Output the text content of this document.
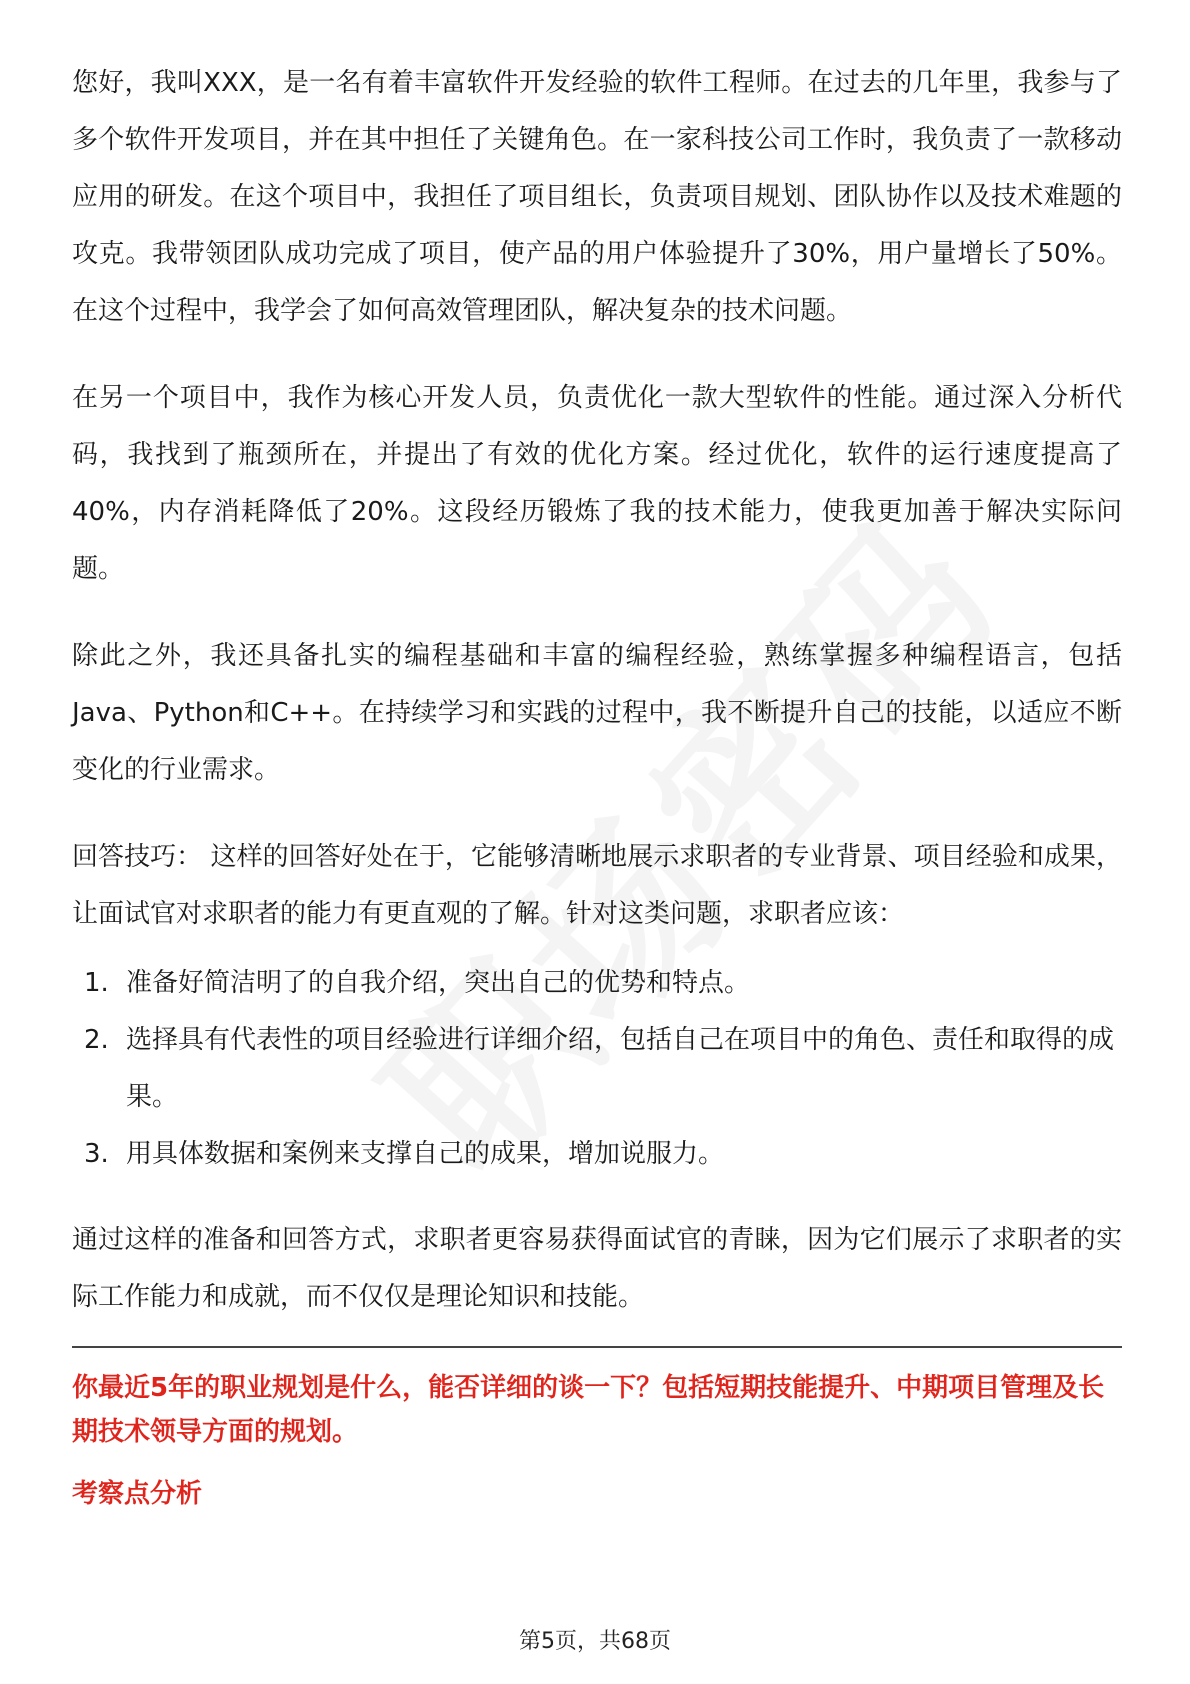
您好，我叫XXX，是一名有着丰富软件开发经验的软件工程师。在过去的几年里，我参与了多个软件开发项目，并在其中担任了关键角色。在一家科技公司工作时，我负责了一款移动应用的研发。在这个项目中，我担任了项目组长，负责项目规划、团队协作以及技术难题的攻克。我带领团队成功完成了项目，使产品的用户体验提升了30%，用户量增长了50%。在这个过程中，我学会了如何高效管理团队，解决复杂的技术问题。

在另一个项目中，我作为核心开发人员，负责优化一款大型软件的性能。通过深入分析代码，我找到了瓶颈所在，并提出了有效的优化方案。经过优化，软件的运行速度提高了40%，内存消耗降低了20%。这段经历锻炼了我的技术能力，使我更加善于解决实际问题。

除此之外，我还具备扎实的编程基础和丰富的编程经验，熟练掌握多种编程语言，包括Java、Python和C++。在持续学习和实践的过程中，我不断提升自己的技能，以适应不断变化的行业需求。

回答技巧： 这样的回答好处在于，它能够清晰地展示求职者的专业背景、项目经验和成果，让面试官对求职者的能力有更直观的了解。针对这类问题，求职者应该：

1. 准备好简洁明了的自我介绍，突出自己的优势和特点。
2. 选择具有代表性的项目经验进行详细介绍，包括自己在项目中的角色、责任和取得的成果。
3. 用具体数据和案例来支撑自己的成果，增加说服力。

通过这样的准备和回答方式，求职者更容易获得面试官的青睐，因为它们展示了求职者的实际工作能力和成就，而不仅仅是理论知识和技能。

你最近5年的职业规划是什么，能否详细的谈一下？包括短期技能提升、中期项目管理及长期技术领导方面的规划。

考察点分析

第5页，共68页
